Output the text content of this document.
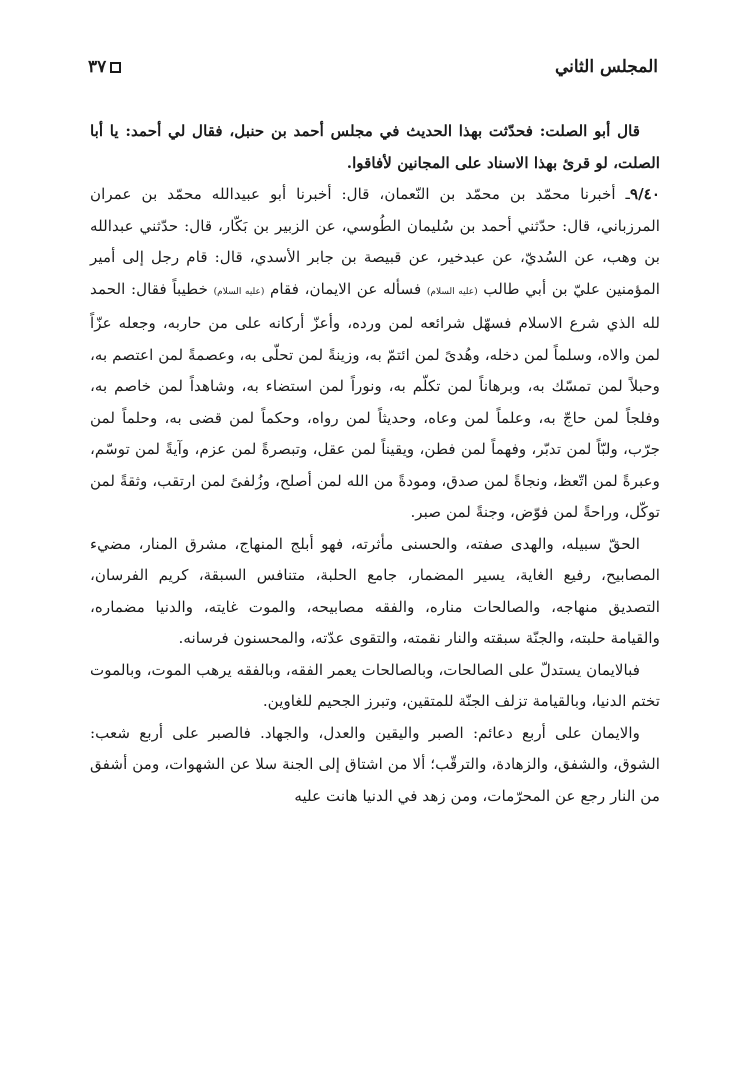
المجلس الثاني
٣٧

قال أبو الصلت: فحدّثت بهذا الحديث في مجلس أحمد بن حنبل، فقال لي أحمد: يا أبا الصلت، لو قرئ بهذا الاسناد على المجانين لأفاقوا.

٩/٤٠ـ أخبرنا محمّد بن محمّد بن النّعمان، قال: أخبرنا أبو عبيدالله محمّد بن عمران المرزباني، قال: حدّثني أحمد بن سُليمان الطُوسي، عن الزبير بن بَكّار، قال: حدّثني عبدالله بن وهب، عن السُديّ، عن عبدخير، عن قبيصة بن جابر الأسدي، قال: قام رجل إلى أمير المؤمنين عليّ بن أبي طالب (عليه السلام) فسأله عن الايمان، فقام (عليه السلام) خطيباً فقال: الحمد لله الذي شرع الاسلام فسهّل شرائعه لمن ورده، وأعزّ أركانه على من حاربه، وجعله عزّاً لمن والاه، وسلماً لمن دخله، وهُدىً لمن ائتمّ به، وزينةً لمن تحلّى به، وعصمةً لمن اعتصم به، وحبلاً لمن تمسّك به، وبرهاناً لمن تكلّم به، ونوراً لمن استضاء به، وشاهداً لمن خاصم به، وفلجاً لمن حاجّ به، وعلماً لمن وعاه، وحديثاً لمن رواه، وحكماً لمن قضى به، وحلماً لمن جرّب، ولبّاً لمن تدبّر، وفهماً لمن فطن، ويقيناً لمن عقل، وتبصرةً لمن عزم، وآيةً لمن توسّم، وعبرةً لمن اتّعظ، ونجاةً لمن صدق، ومودةً من الله لمن أصلح، وزُلفىً لمن ارتقب، وثقةً لمن توكّل، وراحةً لمن فوّض، وجنةً لمن صبر.

الحقّ سبيله، والهدى صفته، والحسنى مأثرته، فهو أبلج المنهاج، مشرق المنار، مضيء المصابيح، رفيع الغاية، يسير المضمار، جامع الحلبة، متنافس السبقة، كريم الفرسان، التصديق منهاجه، والصالحات مناره، والفقه مصابيحه، والموت غايته، والدنيا مضماره، والقيامة حلبته، والجنّة سبقته والنار نقمته، والتقوى عدّته، والمحسنون فرسانه.

فبالايمان يستدلّ على الصالحات، وبالصالحات يعمر الفقه، وبالفقه يرهب الموت، وبالموت تختم الدنيا، وبالقيامة تزلف الجنّة للمتقين، وتبرز الجحيم للغاوين.

والايمان على أربع دعائم: الصبر واليقين والعدل، والجهاد. فالصبر على أربع شعب: الشوق، والشفق، والزهادة، والترقّب؛ ألا من اشتاق إلى الجنة سلا عن الشهوات، ومن أشفق من النار رجع عن المحرّمات، ومن زهد في الدنيا هانت عليه
